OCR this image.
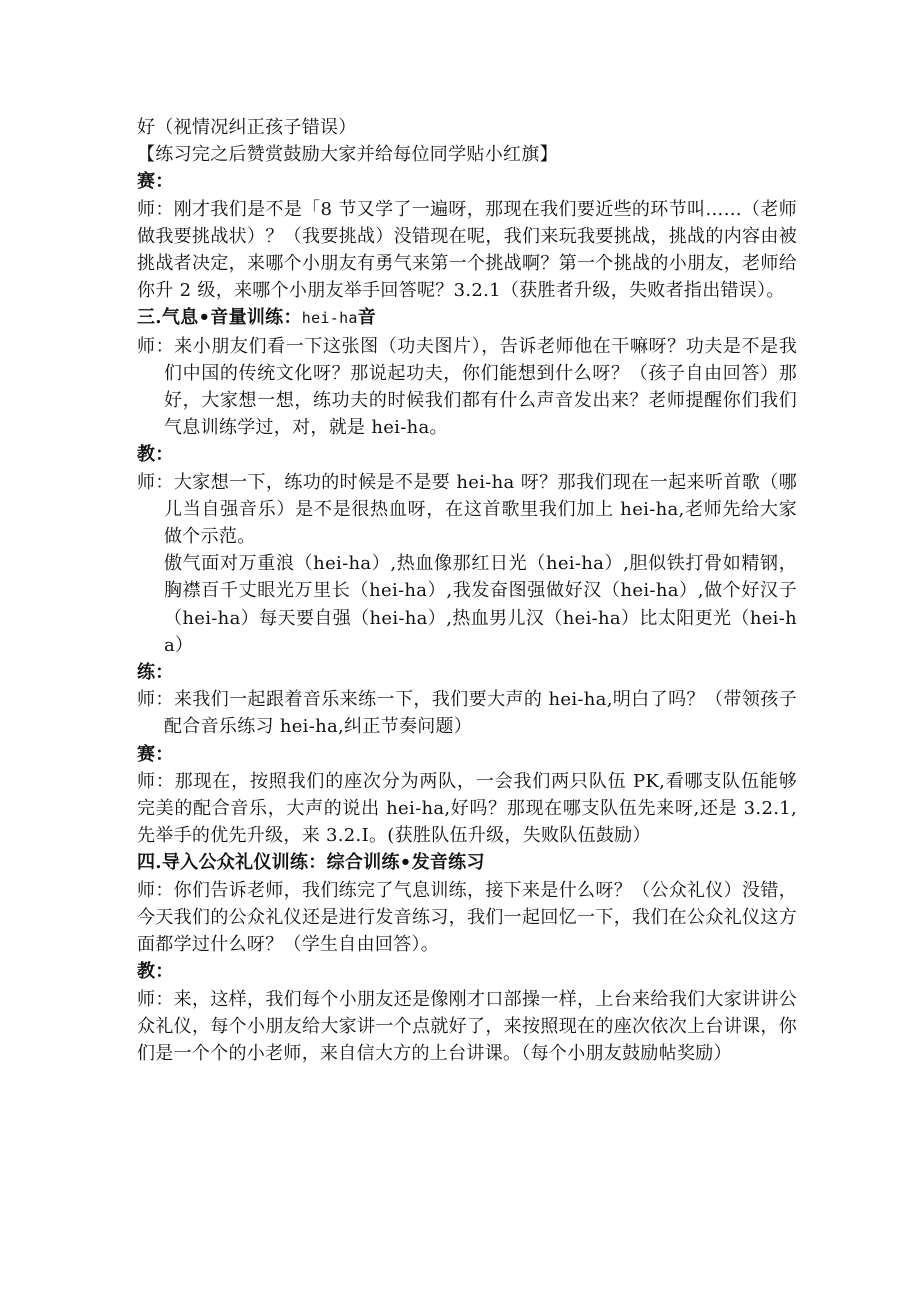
好（视情况纠正孩子错误）

【练习完之后赞赏鼓励大家并给每位同学贴小红旗】

赛：

师：刚才我们是不是「8 节又学了一遍呀，那现在我们要近些的环节叫……（老师做我要挑战状）？（我要挑战）没错现在呢，我们来玩我要挑战，挑战的内容由被挑战者决定，来哪个小朋友有勇气来第一个挑战啊？第一个挑战的小朋友，老师给你升 2 级，来哪个小朋友举手回答呢？3.2.1（获胜者升级，失败者指出错误）。

三.气息•音量训练：hei-ha音

师：来小朋友们看一下这张图（功夫图片），告诉老师他在干嘛呀？功夫是不是我们中国的传统文化呀？那说起功夫，你们能想到什么呀？（孩子自由回答）那好，大家想一想，练功夫的时候我们都有什么声音发出来？老师提醒你们我们气息训练学过，对，就是 hei-ha。

教：

师：大家想一下，练功的时候是不是要 hei-ha 呀？那我们现在一起来听首歌（哪儿当自强音乐）是不是很热血呀，在这首歌里我们加上 hei-ha,老师先给大家做个示范。

傲气面对万重浪（hei-ha）,热血像那红日光（hei-ha）,胆似铁打骨如精钢，胸襟百千丈眼光万里长（hei-ha）,我发奋图强做好汉（hei-ha）,做个好汉子（hei-ha）每天要自强（hei-ha）,热血男儿汉（hei-ha）比太阳更光（hei-ha）

练：

师：来我们一起跟着音乐来练一下，我们要大声的 hei-ha,明白了吗？（带领孩子配合音乐练习 hei-ha,纠正节奏问题）

赛：

师：那现在，按照我们的座次分为两队，一会我们两只队伍 PK,看哪支队伍能够完美的配合音乐，大声的说出 hei-ha,好吗？那现在哪支队伍先来呀,还是 3.2.1,先举手的优先升级，来 3.2.I。(获胜队伍升级，失败队伍鼓励）

四.导入公众礼仪训练：综合训练•发音练习

师：你们告诉老师，我们练完了气息训练，接下来是什么呀？（公众礼仪）没错，今天我们的公众礼仪还是进行发音练习，我们一起回忆一下，我们在公众礼仪这方面都学过什么呀？（学生自由回答）。

教：

师：来，这样，我们每个小朋友还是像刚才口部操一样，上台来给我们大家讲讲公众礼仪，每个小朋友给大家讲一个点就好了，来按照现在的座次依次上台讲课，你们是一个个的小老师，来自信大方的上台讲课。（每个小朋友鼓励帖奖励）
